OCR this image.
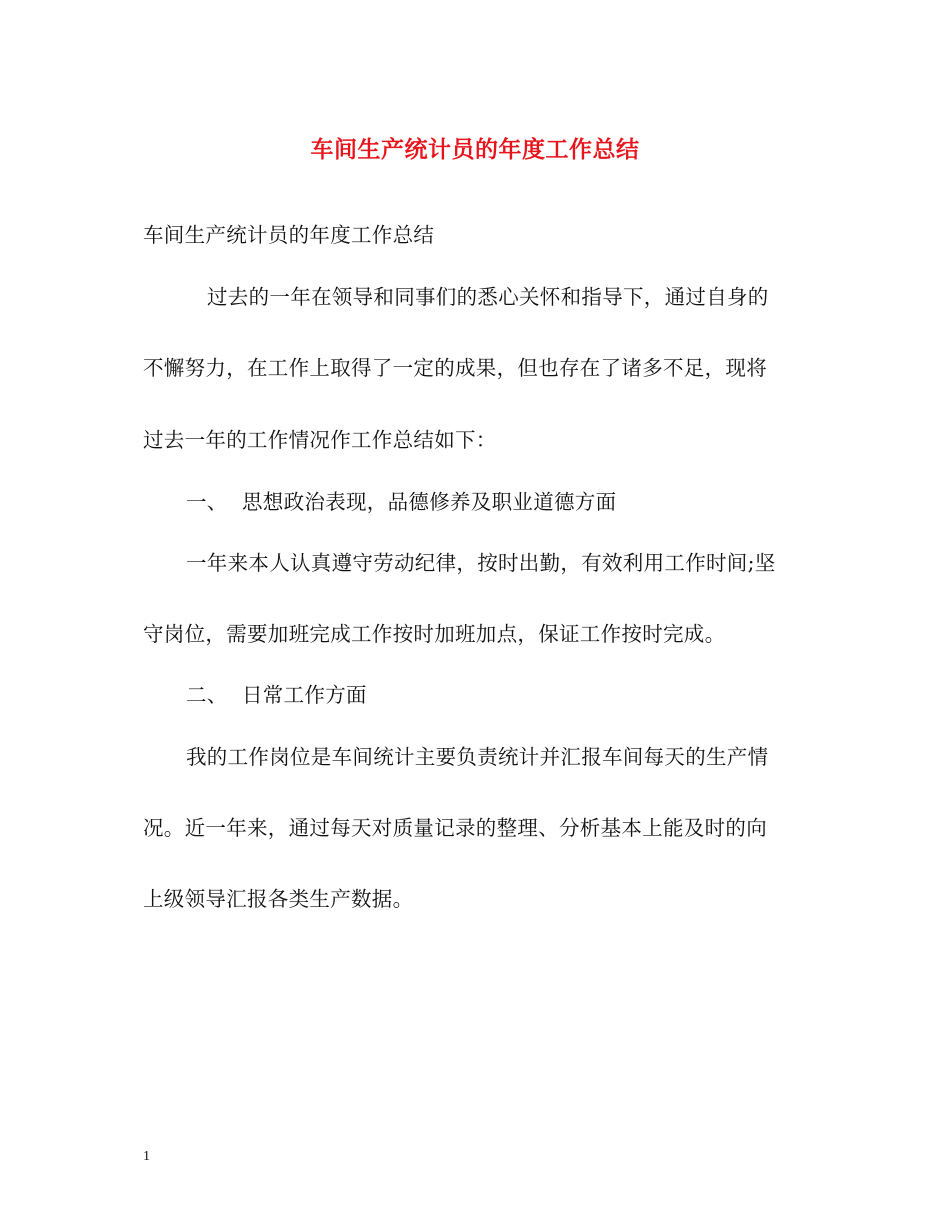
车间生产统计员的年度工作总结
车间生产统计员的年度工作总结
过去的一年在领导和同事们的悉心关怀和指导下，通过自身的
不懈努力，在工作上取得了一定的成果，但也存在了诸多不足，现将
过去一年的工作情况作工作总结如下：
一、 思想政治表现，品德修养及职业道德方面
一年来本人认真遵守劳动纪律，按时出勤，有效利用工作时间;坚
守岗位，需要加班完成工作按时加班加点，保证工作按时完成。
二、 日常工作方面
我的工作岗位是车间统计主要负责统计并汇报车间每天的生产情
况。近一年来，通过每天对质量记录的整理、分析基本上能及时的向
上级领导汇报各类生产数据。
1
